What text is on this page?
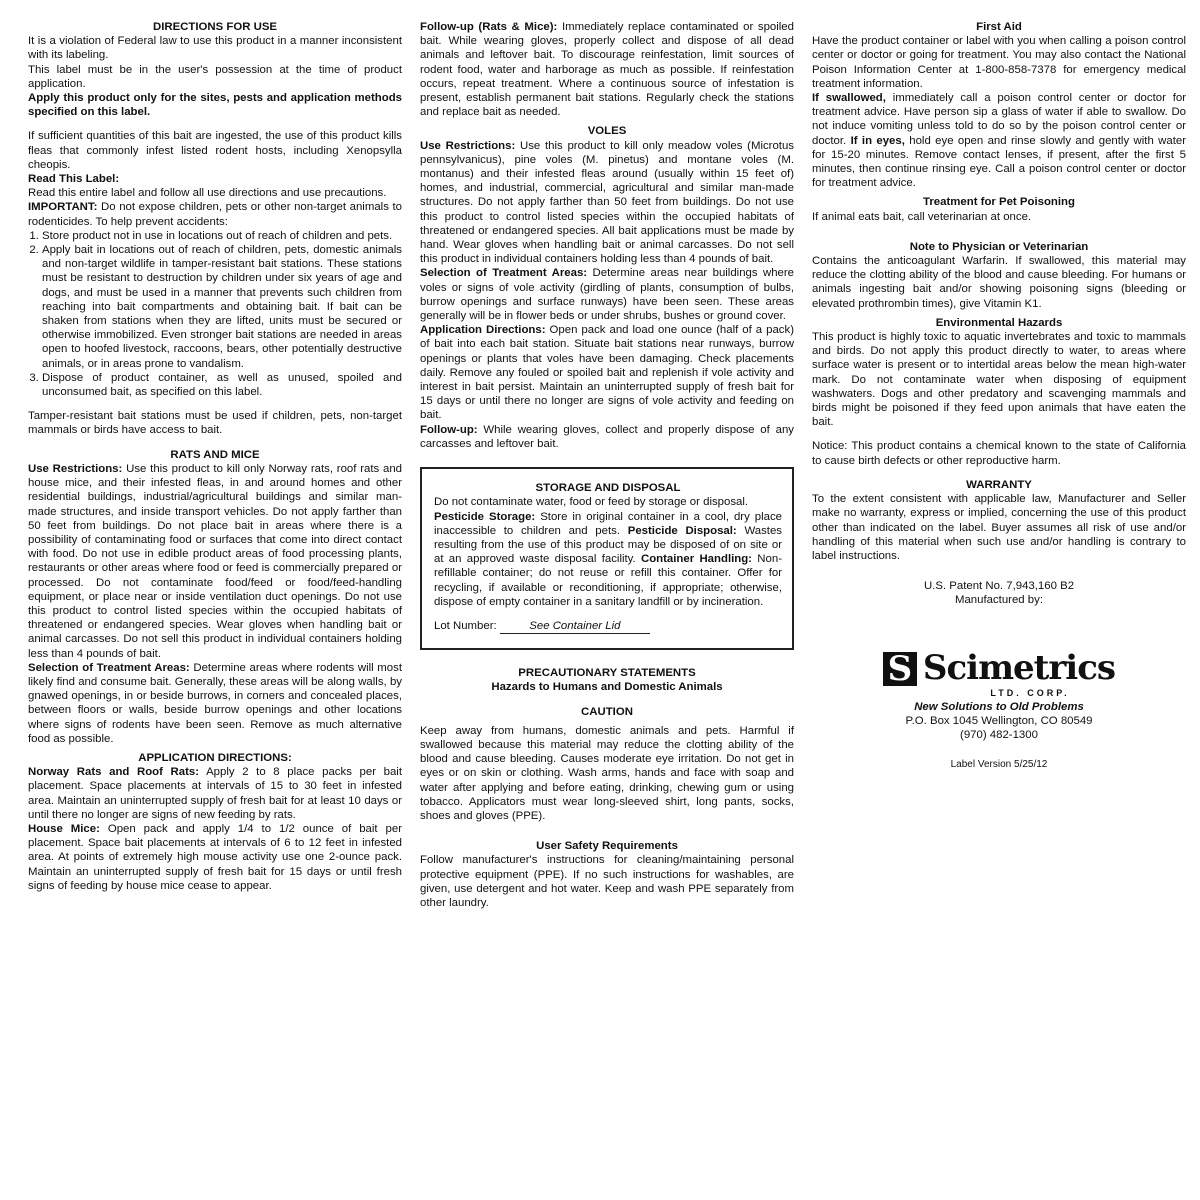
DIRECTIONS FOR USE

It is a violation of Federal law to use this product in a manner inconsistent with its labeling.

This label must be in the user's possession at the time of product application.

Apply this product only for the sites, pests and application methods specified on this label.

If sufficient quantities of this bait are ingested, the use of this product kills fleas that commonly infest listed rodent hosts, including Xenopsylla cheopis.

Read This Label:

Read this entire label and follow all use directions and use precautions.

IMPORTANT: Do not expose children, pets or other non-target animals to rodenticides. To help prevent accidents:

1. Store product not in use in locations out of reach of children and pets.
2. Apply bait in locations out of reach of children, pets, domestic animals and non-target wildlife in tamper-resistant bait stations. These stations must be resistant to destruction by children under six years of age and dogs, and must be used in a manner that prevents such children from reaching into bait compartments and obtaining bait. If bait can be shaken from stations when they are lifted, units must be secured or otherwise immobilized. Even stronger bait stations are needed in areas open to hoofed livestock, raccoons, bears, other potentially destructive animals, or in areas prone to vandalism.
3. Dispose of product container, as well as unused, spoiled and unconsumed bait, as specified on this label.

Tamper-resistant bait stations must be used if children, pets, non-target mammals or birds have access to bait.

RATS AND MICE

Use Restrictions: Use this product to kill only Norway rats, roof rats and house mice, and their infested fleas, in and around homes and other residential buildings, industrial/agricultural buildings and similar man-made structures, and inside transport vehicles. Do not apply farther than 50 feet from buildings. Do not place bait in areas where there is a possibility of contaminating food or surfaces that come into direct contact with food. Do not use in edible product areas of food processing plants, restaurants or other areas where food or feed is commercially prepared or processed. Do not contaminate food/feed or food/feed-handling equipment, or place near or inside ventilation duct openings. Do not use this product to control listed species within the occupied habitats of threatened or endangered species. Wear gloves when handling bait or animal carcasses. Do not sell this product in individual containers holding less than 4 pounds of bait.

Selection of Treatment Areas: Determine areas where rodents will most likely find and consume bait. Generally, these areas will be along walls, by gnawed openings, in or beside burrows, in corners and concealed places, between floors or walls, beside burrow openings and other locations where signs of rodents have been seen. Remove as much alternative food as possible.

APPLICATION DIRECTIONS:

Norway Rats and Roof Rats: Apply 2 to 8 place packs per bait placement. Space placements at intervals of 15 to 30 feet in infested area. Maintain an uninterrupted supply of fresh bait for at least 10 days or until there no longer are signs of new feeding by rats.

House Mice: Open pack and apply 1/4 to 1/2 ounce of bait per placement. Space bait placements at intervals of 6 to 12 feet in infested area. At points of extremely high mouse activity use one 2-ounce pack. Maintain an uninterrupted supply of fresh bait for 15 days or until fresh signs of feeding by house mice cease to appear.

Follow-up (Rats & Mice): Immediately replace contaminated or spoiled bait. While wearing gloves, properly collect and dispose of all dead animals and leftover bait. To discourage reinfestation, limit sources of rodent food, water and harborage as much as possible. If reinfestation occurs, repeat treatment. Where a continuous source of infestation is present, establish permanent bait stations. Regularly check the stations and replace bait as needed.

VOLES

Use Restrictions: Use this product to kill only meadow voles (Microtus pennsylvanicus), pine voles (M. pinetus) and montane voles (M. montanus) and their infested fleas around (usually within 15 feet of) homes, and industrial, commercial, agricultural and similar man-made structures. Do not apply farther than 50 feet from buildings. Do not use this product to control listed species within the occupied habitats of threatened or endangered species. All bait applications must be made by hand. Wear gloves when handling bait or animal carcasses. Do not sell this product in individual containers holding less than 4 pounds of bait.

Selection of Treatment Areas: Determine areas near buildings where voles or signs of vole activity (girdling of plants, consumption of bulbs, burrow openings and surface runways) have been seen. These areas generally will be in flower beds or under shrubs, bushes or ground cover.

Application Directions: Open pack and load one ounce (half of a pack) of bait into each bait station. Situate bait stations near runways, burrow openings or plants that voles have been damaging. Check placements daily. Remove any fouled or spoiled bait and replenish if vole activity and interest in bait persist. Maintain an uninterrupted supply of fresh bait for 15 days or until there no longer are signs of vole activity and feeding on bait.

Follow-up: While wearing gloves, collect and properly dispose of any carcasses and leftover bait.

STORAGE AND DISPOSAL

Do not contaminate water, food or feed by storage or disposal.

Pesticide Storage: Store in original container in a cool, dry place inaccessible to children and pets. Pesticide Disposal: Wastes resulting from the use of this product may be disposed of on site or at an approved waste disposal facility. Container Handling: Non-refillable container; do not reuse or refill this container. Offer for recycling, if available or reconditioning, if appropriate; otherwise, dispose of empty container in a sanitary landfill or by incineration.

Lot Number:	See Container Lid

PRECAUTIONARY STATEMENTS

Hazards to Humans and Domestic Animals

CAUTION

Keep away from humans, domestic animals and pets. Harmful if swallowed because this material may reduce the clotting ability of the blood and cause bleeding. Causes moderate eye irritation. Do not get in eyes or on skin or clothing. Wash arms, hands and face with soap and water after applying and before eating, drinking, chewing gum or using tobacco. Applicators must wear long-sleeved shirt, long pants, socks, shoes and gloves (PPE).

User Safety Requirements

Follow manufacturer's instructions for cleaning/maintaining personal protective equipment (PPE). If no such instructions for washables, are given, use detergent and hot water. Keep and wash PPE separately from other laundry.

First Aid

Have the product container or label with you when calling a poison control center or doctor or going for treatment. You may also contact the National Poison Information Center at 1-800-858-7378 for emergency medical treatment information.

If swallowed, immediately call a poison control center or doctor for treatment advice. Have person sip a glass of water if able to swallow. Do not induce vomiting unless told to do so by the poison control center or doctor. If in eyes, hold eye open and rinse slowly and gently with water for 15-20 minutes. Remove contact lenses, if present, after the first 5 minutes, then continue rinsing eye. Call a poison control center or doctor for treatment advice.

Treatment for Pet Poisoning

If animal eats bait, call veterinarian at once.

Note to Physician or Veterinarian

Contains the anticoagulant Warfarin. If swallowed, this material may reduce the clotting ability of the blood and cause bleeding. For humans or animals ingesting bait and/or showing poisoning signs (bleeding or elevated prothrombin times), give Vitamin K1.

Environmental Hazards

This product is highly toxic to aquatic invertebrates and toxic to mammals and birds. Do not apply this product directly to water, to areas where surface water is present or to intertidal areas below the mean high-water mark. Do not contaminate water when disposing of equipment washwaters. Dogs and other predatory and scavenging mammals and birds might be poisoned if they feed upon animals that have eaten the bait.

Notice: This product contains a chemical known to the state of California to cause birth defects or other reproductive harm.

WARRANTY

To the extent consistent with applicable law, Manufacturer and Seller make no warranty, express or implied, concerning the use of this product other than indicated on the label. Buyer assumes all risk of use and/or handling of this material when such use and/or handling is contrary to label instructions.

U.S. Patent No. 7,943,160 B2

Manufactured by:

S Scimetrics
LTD. CORP.

New Solutions to Old Problems

P.O. Box 1045 Wellington, CO 80549

(970) 482-1300

Label Version 5/25/12
